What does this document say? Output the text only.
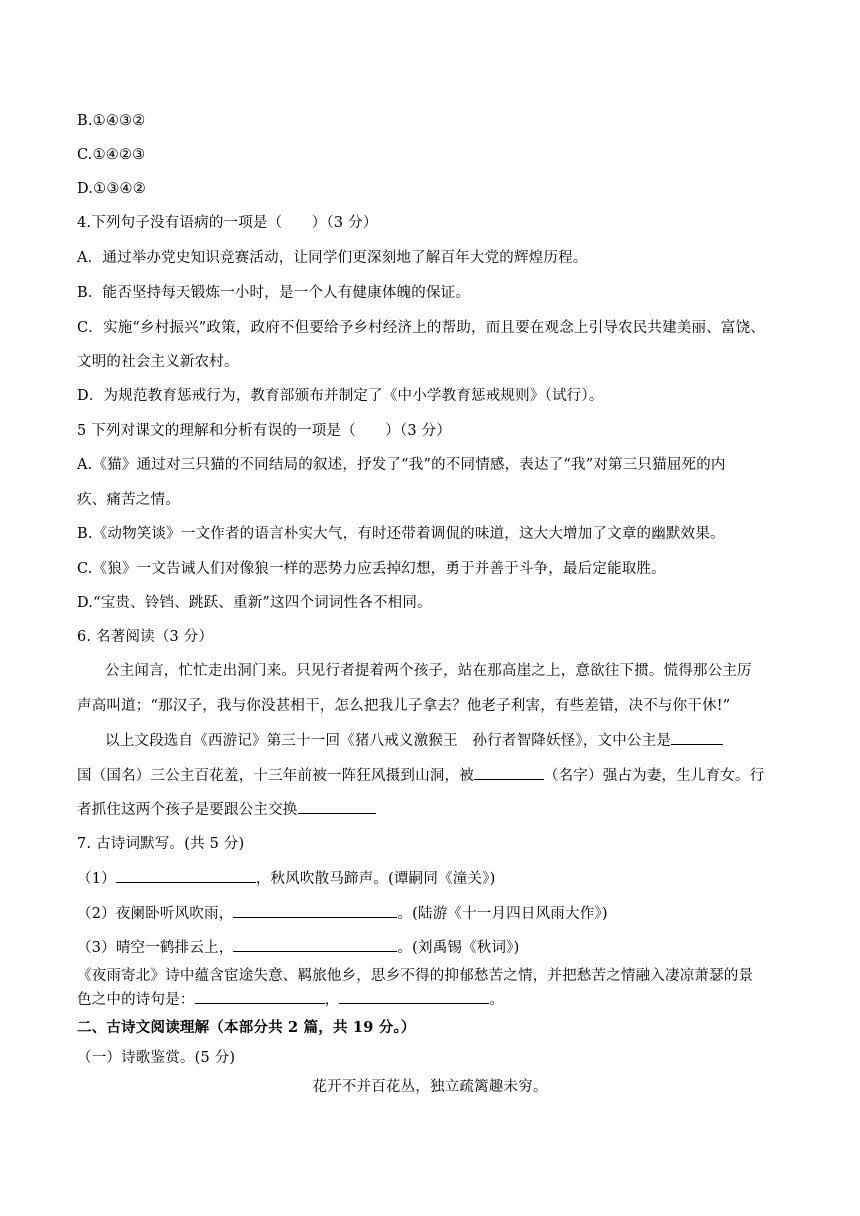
B.①④③②
C.①④②③
D.①③④②
4.下列句子没有语病的一项是（　　）（3 分）
A．通过举办党史知识竞赛活动，让同学们更深刻地了解百年大党的辉煌历程。
B．能否坚持每天锻炼一小时，是一个人有健康体魄的保证。
C．实施“乡村振兴”政策，政府不但要给予乡村经济上的帮助，而且要在观念上引导农民共建美丽、富饶、
文明的社会主义新农村。
D．为规范教育惩戒行为，教育部颁布并制定了《中小学教育惩戒规则》（试行）。
5 下列对课文的理解和分析有误的一项是（　　）（3 分）
A.《猫》通过对三只猫的不同结局的叙述，抒发了“我”的不同情感，表达了“我”对第三只猫屈死的内
疚、痛苦之情。
B.《动物笑谈》一文作者的语言朴实大气，有时还带着调侃的味道，这大大增加了文章的幽默效果。
C.《狼》一文告诫人们对像狼一样的恶势力应丢掉幻想，勇于并善于斗争，最后定能取胜。
D.“宝贵、铃铛、跳跃、重新”这四个词词性各不相同。
6. 名著阅读（3 分）
公主闻言，忙忙走出洞门来。只见行者提着两个孩子，站在那高崖之上，意欲往下掼。慌得那公主厉
声高叫道；“那汉子，我与你没甚相干，怎么把我儿子拿去？他老子利害，有些差错，决不与你干休!”
以上文段选自《西游记》第三十一回《猪八戒义激猴王　孙行者智降妖怪》，文中公主是
国（国名）三公主百花羞，十三年前被一阵狂风摄到山洞，被	（名字）强占为妻，生儿育女。行
者抓住这两个孩子是要跟公主交换
7. 古诗词默写。(共 5 分)
（1）	，秋风吹散马蹄声。(谭嗣同《潼关》)
（2）夜阑卧听风吹雨，	。(陆游《十一月四日风雨大作》)
（3）晴空一鹤排云上，	。(刘禹锡《秋词》)
《夜雨寄北》诗中蕴含宦途失意、羁旅他乡，思乡不得的抑郁愁苦之情，并把愁苦之情融入凄凉萧瑟的景
色之中的诗句是：	，	。
二、古诗文阅读理解（本部分共 2 篇，共 19 分。）
（一）诗歌鉴赏。(5 分)
花开不并百花丛，独立疏篱趣未穷。
